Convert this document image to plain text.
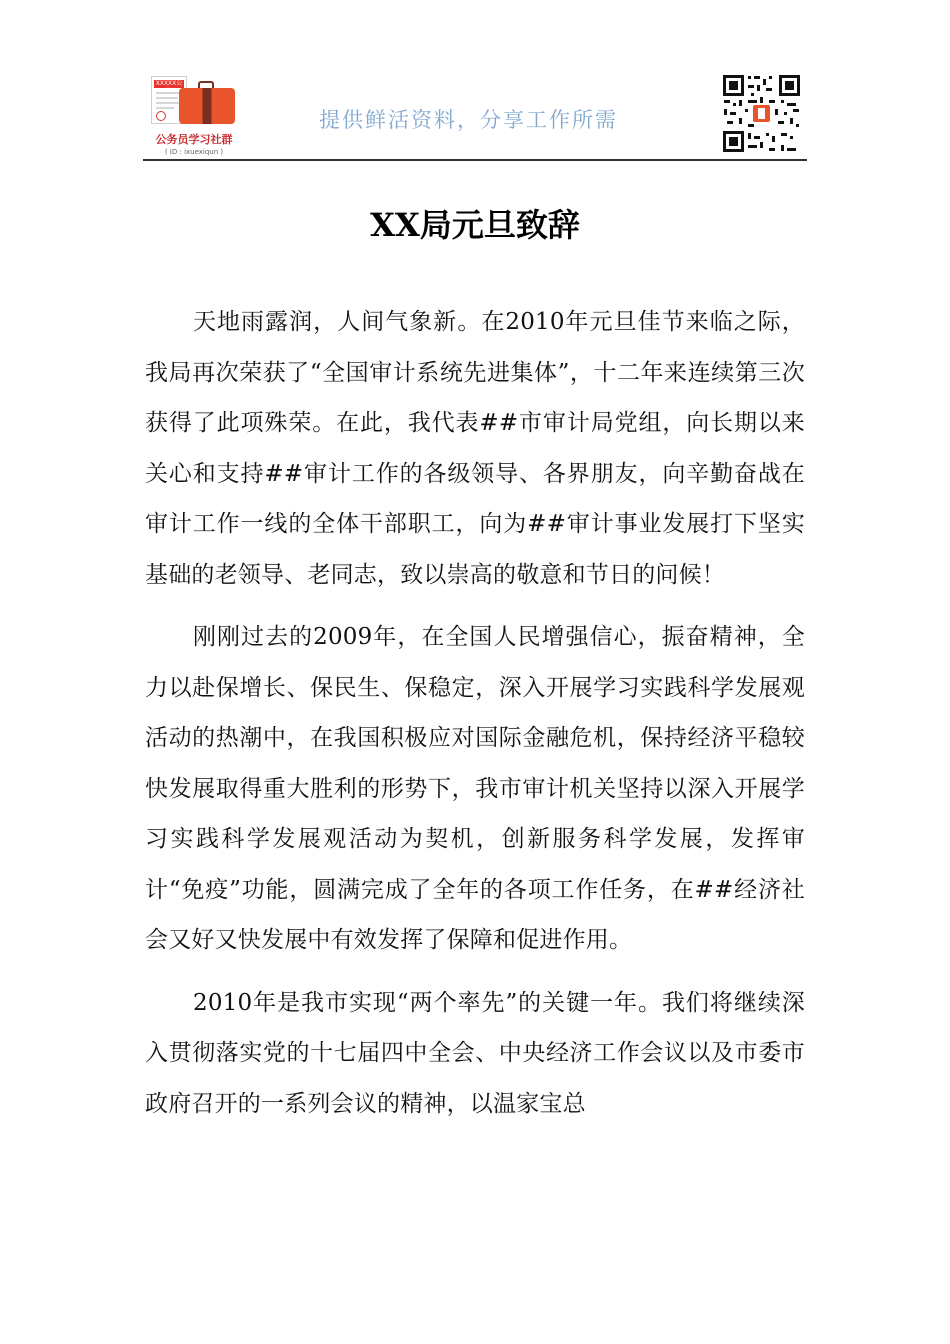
XXXXX公
公务员学习社群
( ID : ixuexiqun )
提供鲜活资料，分享工作所需
XX局元旦致辞

天地雨露润，人间气象新。在2010年元旦佳节来临之际，我局再次荣获了“全国审计系统先进集体”，十二年来连续第三次获得了此项殊荣。在此，我代表##市审计局党组，向长期以来关心和支持##审计工作的各级领导、各界朋友，向辛勤奋战在审计工作一线的全体干部职工，向为##审计事业发展打下坚实基础的老领导、老同志，致以崇高的敬意和节日的问候！

刚刚过去的2009年，在全国人民增强信心，振奋精神，全力以赴保增长、保民生、保稳定，深入开展学习实践科学发展观活动的热潮中，在我国积极应对国际金融危机，保持经济平稳较快发展取得重大胜利的形势下，我市审计机关坚持以深入开展学习实践科学发展观活动为契机，创新服务科学发展，发挥审计“免疫”功能，圆满完成了全年的各项工作任务，在##经济社会又好又快发展中有效发挥了保障和促进作用。

2010年是我市实现“两个率先”的关键一年。我们将继续深入贯彻落实党的十七届四中全会、中央经济工作会议以及市委市政府召开的一系列会议的精神，以温家宝总
